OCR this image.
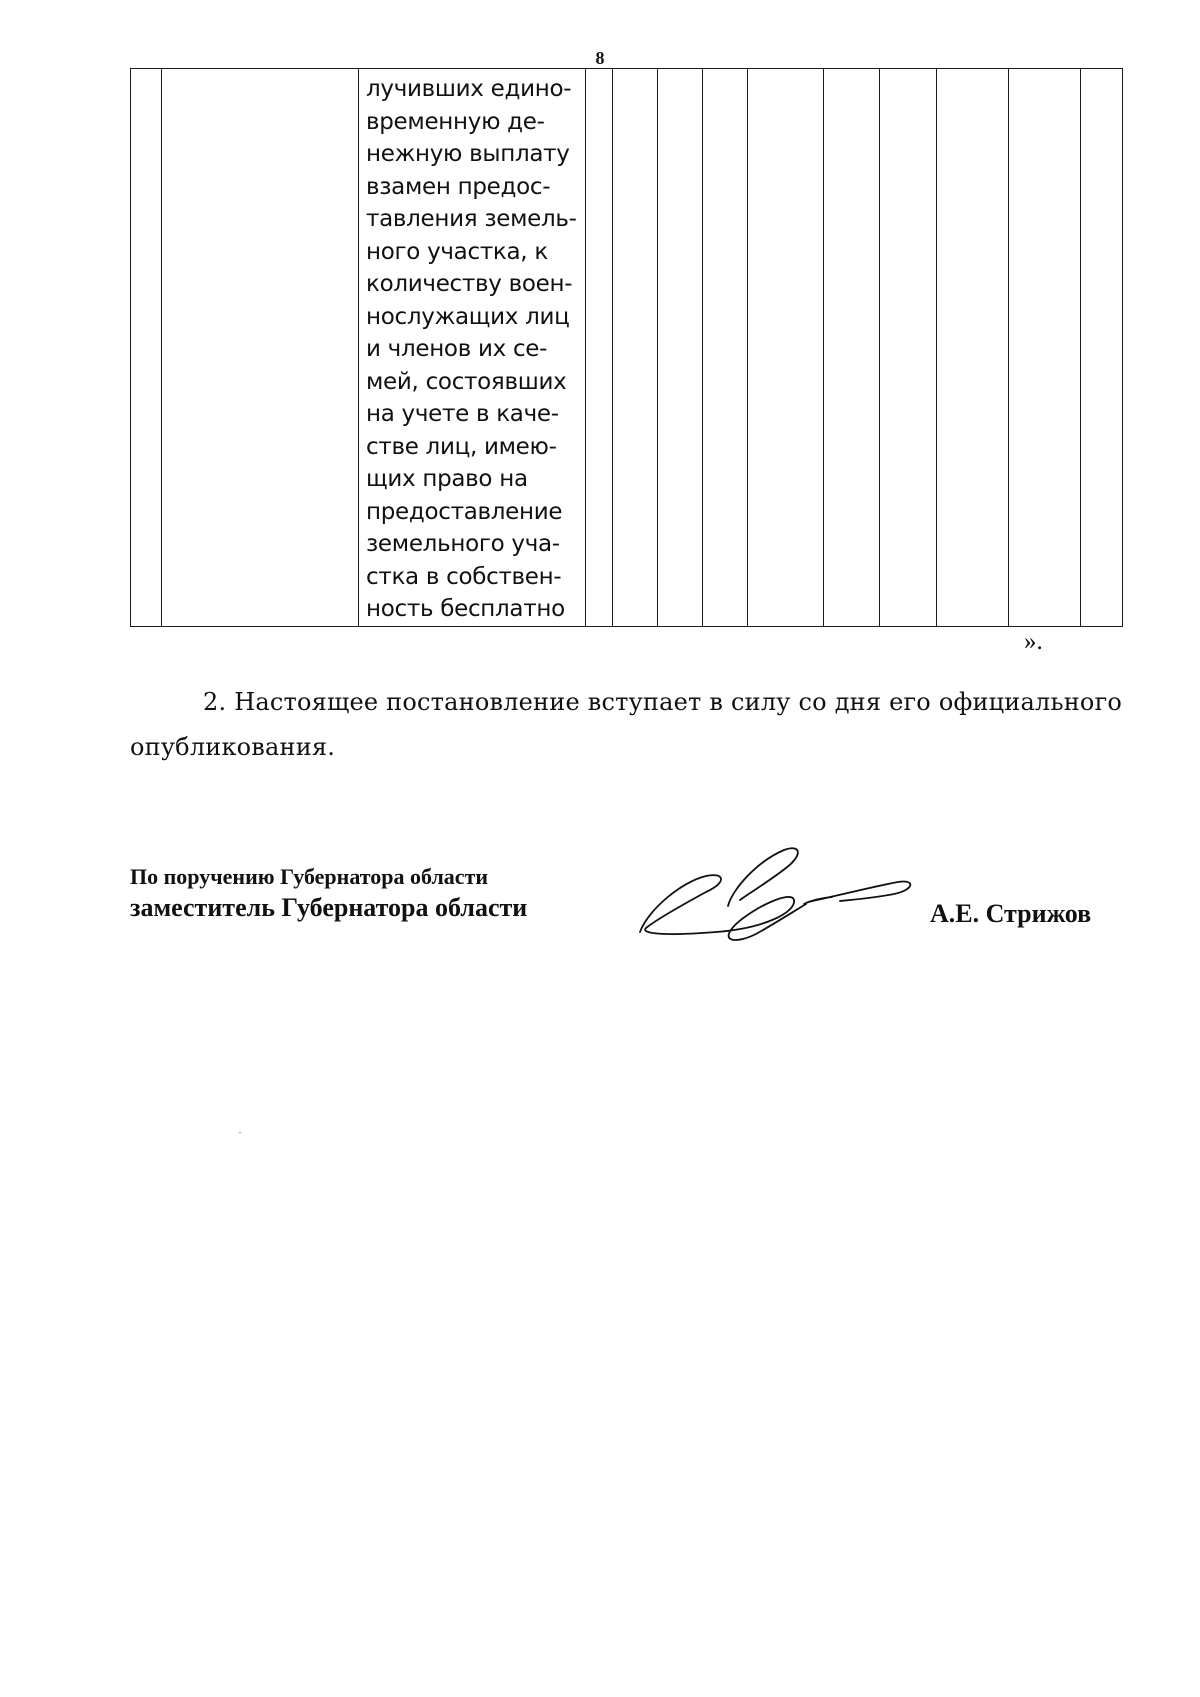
8

лучивших едино-
временную де-
нежную выплату
взамен предос-
тавления земель-
ного участка, к
количеству воен-
нослужащих лиц
и членов их се-
мей, состоявших
на учете в каче-
стве лиц, имею-
щих право на
предоставление
земельного уча-
стка в собствен-
ность бесплатно

».

2. Настоящее постановление вступает в силу со дня его официального опубликования.

По поручению Губернатора области
заместитель Губернатора области	А.Е. Стрижов
